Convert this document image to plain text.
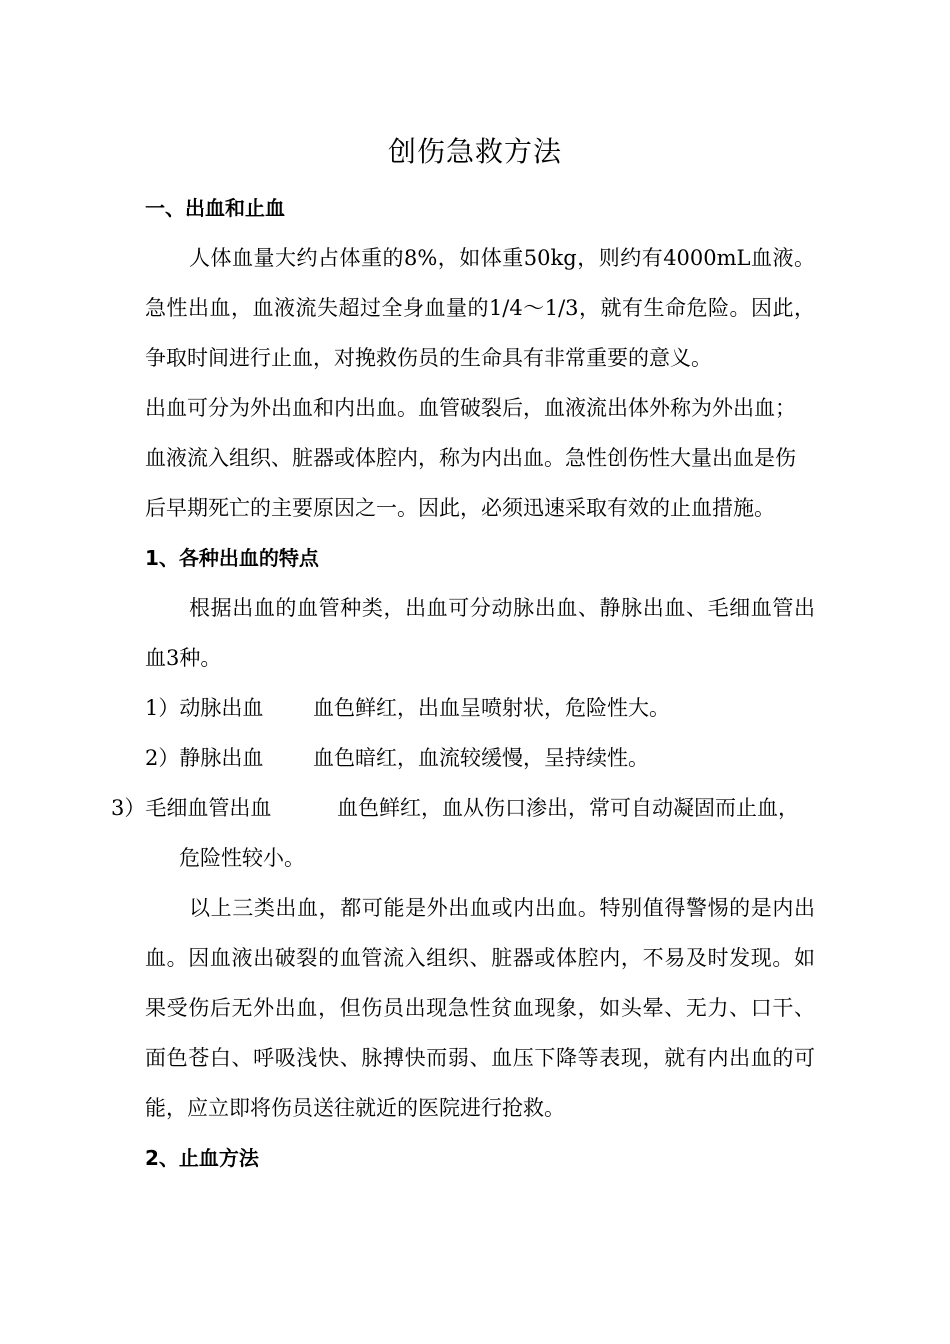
创伤急救方法
一、出血和止血
人体血量大约占体重的8%，如体重50kg，则约有4000mL血液。急性出血，血液流失超过全身血量的1/4～1/3，就有生命危险。因此，争取时间进行止血，对挽救伤员的生命具有非常重要的意义。
出血可分为外出血和内出血。血管破裂后，血液流出体外称为外出血；血液流入组织、脏器或体腔内，称为内出血。急性创伤性大量出血是伤后早期死亡的主要原因之一。因此，必须迅速采取有效的止血措施。
1、各种出血的特点
根据出血的血管种类，出血可分动脉出血、静脉出血、毛细血管出血3种。
1）动脉出血 血色鲜红，出血呈喷射状，危险性大。
2）静脉出血 血色暗红，血流较缓慢，呈持续性。
3）毛细血管出血	血色鲜红，血从伤口渗出，常可自动凝固而止血，危险性较小。
以上三类出血，都可能是外出血或内出血。特别值得警惕的是内出血。因血液出破裂的血管流入组织、脏器或体腔内，不易及时发现。如果受伤后无外出血，但伤员出现急性贫血现象，如头晕、无力、口干、面色苍白、呼吸浅快、脉搏快而弱、血压下降等表现，就有内出血的可能，应立即将伤员送往就近的医院进行抢救。
2、止血方法
